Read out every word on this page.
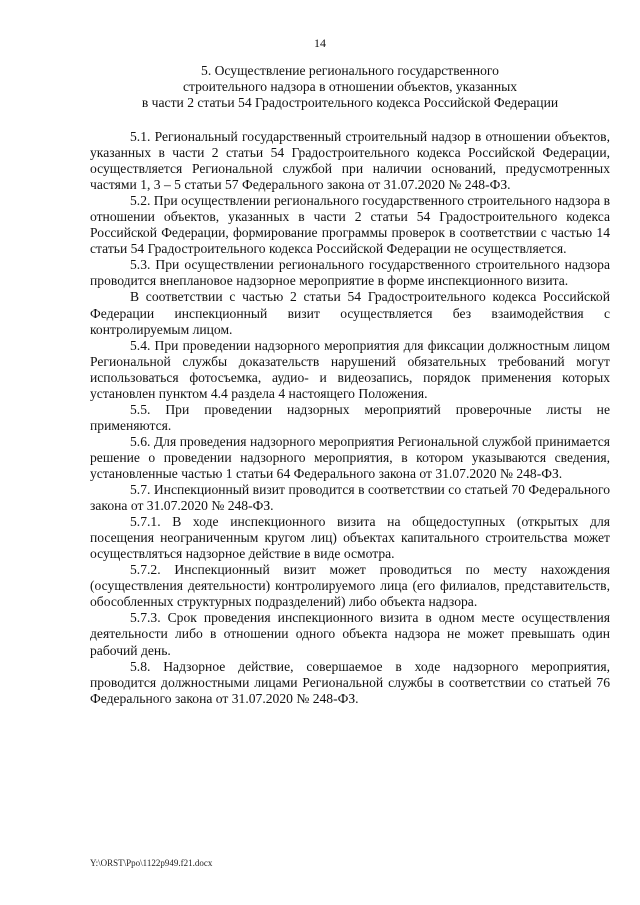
14
5. Осуществление регионального государственного
строительного надзора в отношении объектов, указанных
в части 2 статьи 54 Градостроительного кодекса Российской Федерации

5.1. Региональный государственный строительный надзор в отношении объектов, указанных в части 2 статьи 54 Градостроительного кодекса Российской Федерации, осуществляется Региональной службой при наличии оснований, предусмотренных частями 1, 3 – 5 статьи 57 Федерального закона от 31.07.2020 № 248-ФЗ.

5.2. При осуществлении регионального государственного строительного надзора в отношении объектов, указанных в части 2 статьи 54 Градостроительного кодекса Российской Федерации, формирование программы проверок в соответствии с частью 14 статьи 54 Градостроительного кодекса Российской Федерации не осуществляется.

5.3. При осуществлении регионального государственного строительного надзора проводится внеплановое надзорное мероприятие в форме инспекционного визита.

В соответствии с частью 2 статьи 54 Градостроительного кодекса Российской Федерации инспекционный визит осуществляется без взаимодействия с контролируемым лицом.

5.4. При проведении надзорного мероприятия для фиксации должностным лицом Региональной службы доказательств нарушений обязательных требований могут использоваться фотосъемка, аудио- и видеозапись, порядок применения которых установлен пунктом 4.4 раздела 4 настоящего Положения.

5.5. При проведении надзорных мероприятий проверочные листы не применяются.

5.6. Для проведения надзорного мероприятия Региональной службой принимается решение о проведении надзорного мероприятия, в котором указываются сведения, установленные частью 1 статьи 64 Федерального закона от 31.07.2020 № 248-ФЗ.

5.7. Инспекционный визит проводится в соответствии со статьей 70 Федерального закона от 31.07.2020 № 248-ФЗ.

5.7.1. В ходе инспекционного визита на общедоступных (открытых для посещения неограниченным кругом лиц) объектах капитального строительства может осуществляться надзорное действие в виде осмотра.

5.7.2. Инспекционный визит может проводиться по месту нахождения (осуществления деятельности) контролируемого лица (его филиалов, представительств, обособленных структурных подразделений) либо объекта надзора.

5.7.3. Срок проведения инспекционного визита в одном месте осуществления деятельности либо в отношении одного объекта надзора не может превышать один рабочий день.

5.8. Надзорное действие, совершаемое в ходе надзорного мероприятия, проводится должностными лицами Региональной службы в соответствии со статьей 76 Федерального закона от 31.07.2020 № 248-ФЗ.

Y:\ORST\Ppo\1122p949.f21.docx
